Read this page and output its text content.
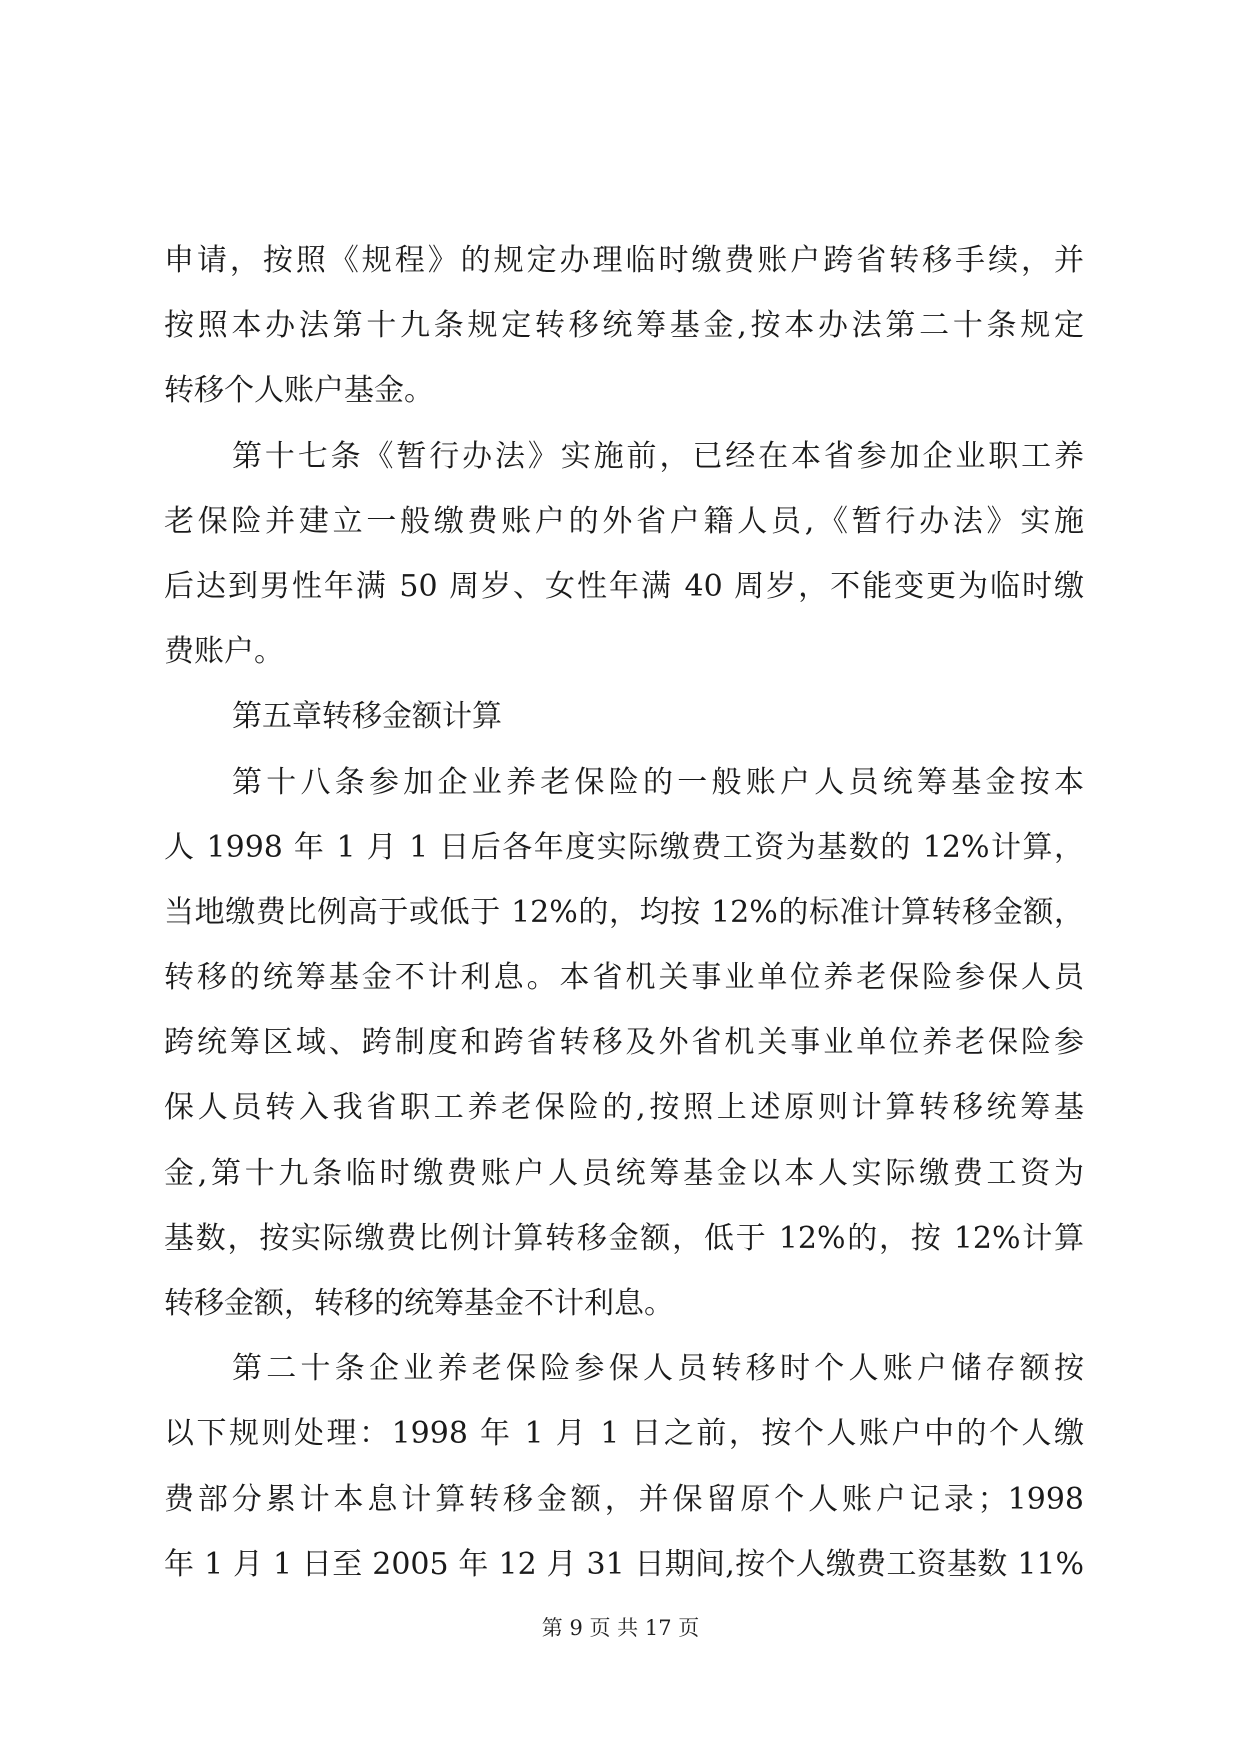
申请，按照《规程》的规定办理临时缴费账户跨省转移手续，并
按照本办法第十九条规定转移统筹基金,按本办法第二十条规定
转移个人账户基金。
第十七条《暂行办法》实施前，已经在本省参加企业职工养
老保险并建立一般缴费账户的外省户籍人员,《暂行办法》实施
后达到男性年满 50 周岁、女性年满 40 周岁，不能变更为临时缴
费账户。
第五章转移金额计算
第十八条参加企业养老保险的一般账户人员统筹基金按本
人 1998 年 1 月 1 日后各年度实际缴费工资为基数的 12%计算，
当地缴费比例高于或低于 12%的，均按 12%的标准计算转移金额，
转移的统筹基金不计利息。本省机关事业单位养老保险参保人员
跨统筹区域、跨制度和跨省转移及外省机关事业单位养老保险参
保人员转入我省职工养老保险的,按照上述原则计算转移统筹基
金,第十九条临时缴费账户人员统筹基金以本人实际缴费工资为
基数，按实际缴费比例计算转移金额，低于 12%的，按 12%计算
转移金额，转移的统筹基金不计利息。
第二十条企业养老保险参保人员转移时个人账户储存额按
以下规则处理：1998 年 1 月 1 日之前，按个人账户中的个人缴
费部分累计本息计算转移金额，并保留原个人账户记录；1998
年 1 月 1 日至 2005 年 12 月 31 日期间,按个人缴费工资基数 11%
第 9 页 共 17 页
